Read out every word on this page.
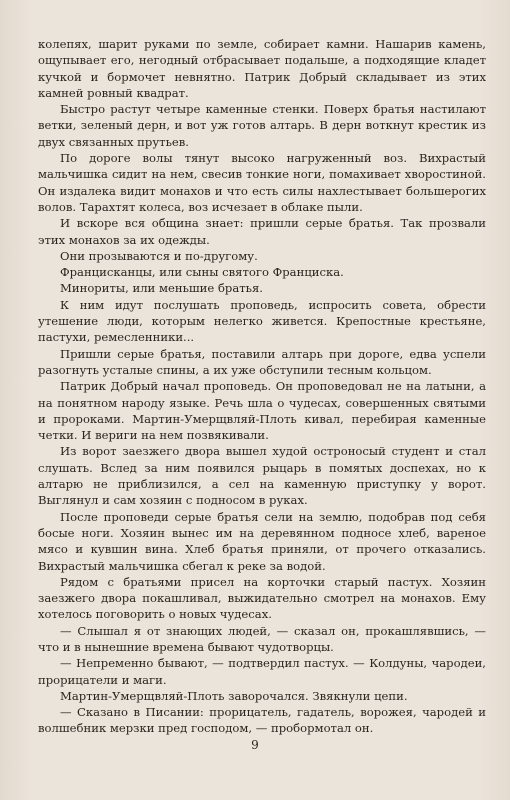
колепях, шарит руками по земле, собирает камни. Нашарив камень, ощупывает его, негодный отбрасывает подальше, а подходящие кладет кучкой и бормочет невнятно. Патрик Добрый складывает из этих камней ровный квадрат.

Быстро растут четыре каменные стенки. Поверх братья настилают ветки, зеленый дерн, и вот уж готов алтарь. В дерн воткнут крестик из двух связанных прутьев.

По дороге волы тянут высоко нагруженный воз. Вихрастый мальчишка сидит на нем, свесив тонкие ноги, помахивает хворостиной. Он издалека видит монахов и что есть силы нахлестывает большерогих волов. Тарахтят колеса, воз исчезает в облаке пыли.

И вскоре вся община знает: пришли серые братья. Так прозвали этих монахов за их одежды.

Они прозываются и по-другому.

Францисканцы, или сыны святого Франциска.

Минориты, или меньшие братья.

К ним идут послушать проповедь, испросить совета, обрести утешение люди, которым нелегко живется. Крепостные крестьяне, пастухи, ремесленники...

Пришли серые братья, поставили алтарь при дороге, едва успели разогнуть усталые спины, а их уже обступили тесным кольцом.

Патрик Добрый начал проповедь. Он проповедовал не на латыни, а на понятном народу языке. Речь шла о чудесах, совершенных святыми и пророками. Мартин-Умерщвляй-Плоть кивал, перебирая каменные четки. И вериги на нем позвякивали.

Из ворот заезжего двора вышел худой остроносый студент и стал слушать. Вслед за ним появился рыцарь в помятых доспехах, но к алтарю не приблизился, а сел на каменную приступку у ворот. Выглянул и сам хозяин с подносом в руках.

После проповеди серые братья сели на землю, подобрав под себя босые ноги. Хозяин вынес им на деревянном подносе хлеб, вареное мясо и кувшин вина. Хлеб братья приняли, от прочего отказались. Вихрастый мальчишка сбегал к реке за водой.

Рядом с братьями присел на корточки старый пастух. Хозяин заезжего двора покашливал, выжидательно смотрел на монахов. Ему хотелось поговорить о новых чудесах.

— Слышал я от знающих людей, — сказал он, прокашлявшись, — что и в нынешние времена бывают чудотворцы.

— Непременно бывают, — подтвердил пастух. — Колдуны, чародеи, прорицатели и маги.

Мартин-Умерщвляй-Плоть заворочался. Звякнули цепи.

— Сказано в Писании: прорицатель, гадатель, ворожея, чародей и волшебник мерзки пред господом, — пробормотал он.

9
